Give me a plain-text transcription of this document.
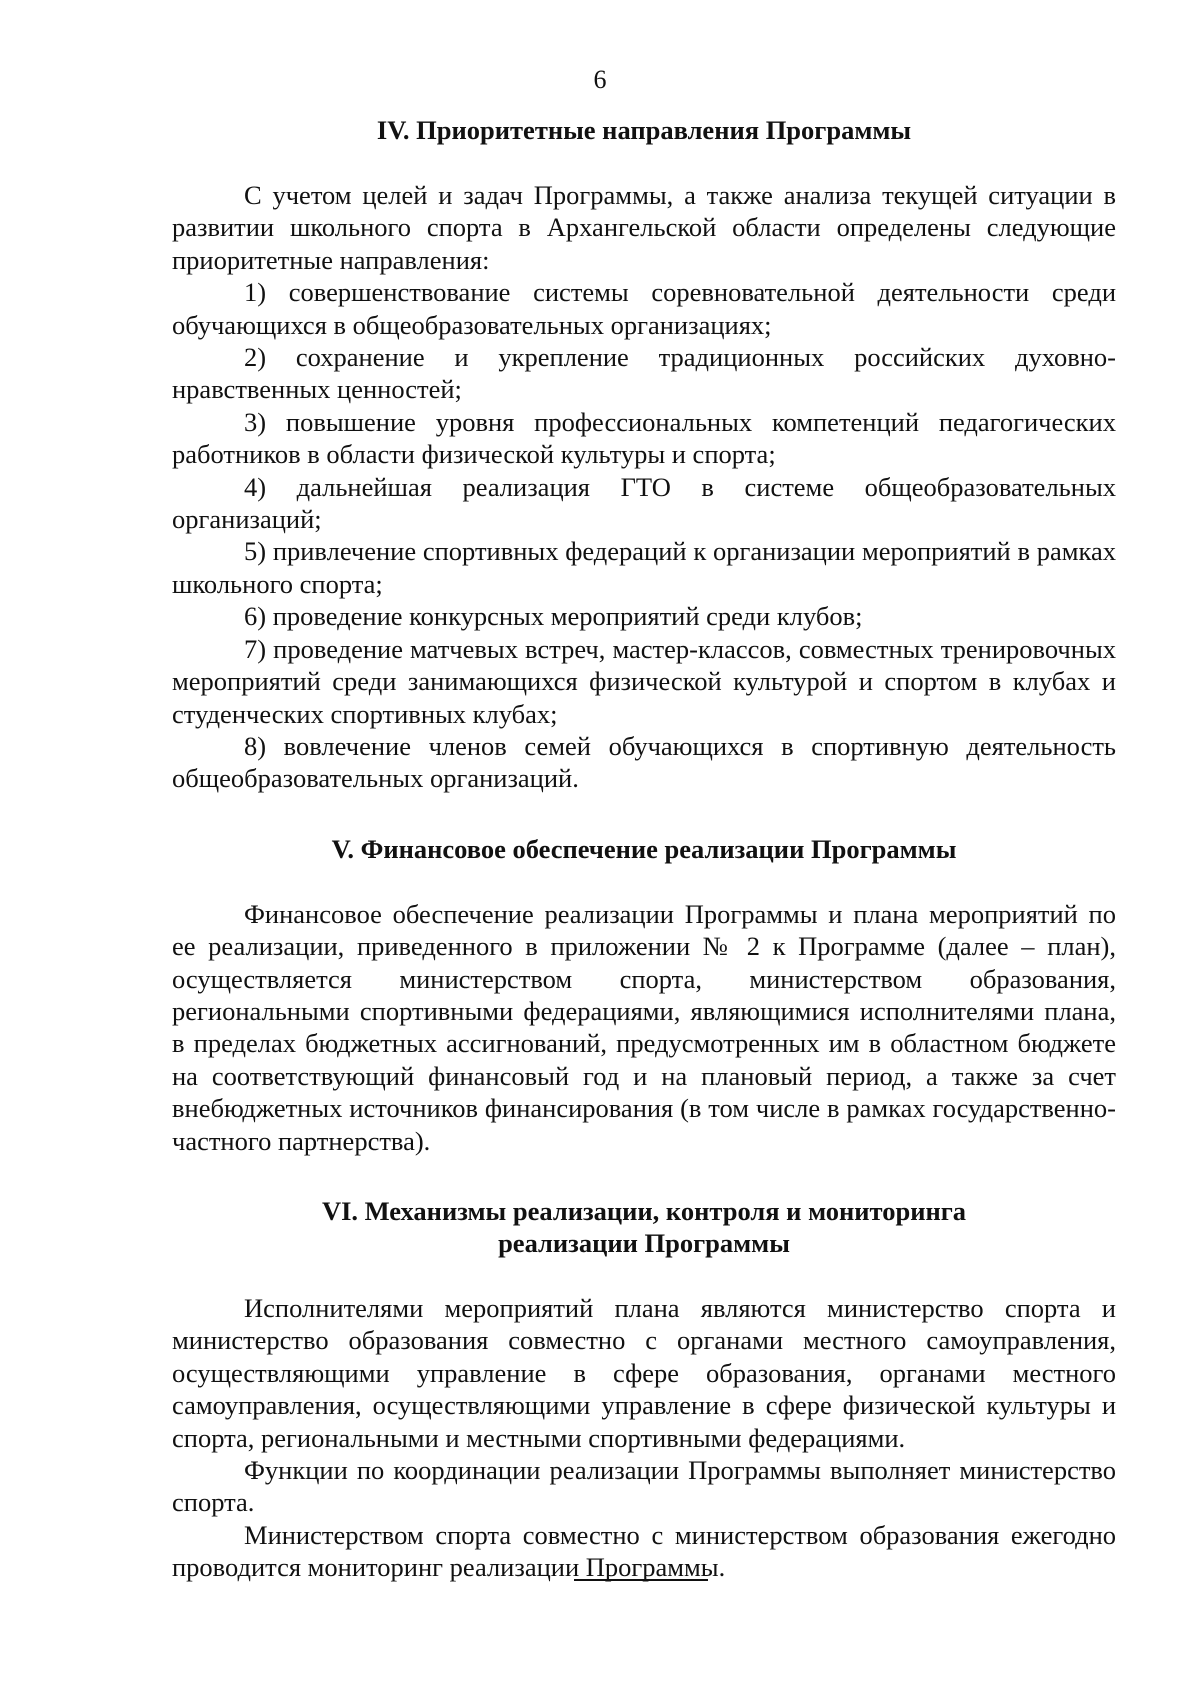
6
IV. Приоритетные направления Программы

С учетом целей и задач Программы, а также анализа текущей ситуации в развитии школьного спорта в Архангельской области определены следующие приоритетные направления:

1) совершенствование системы соревновательной деятельности среди обучающихся в общеобразовательных организациях;

2) сохранение и укрепление традиционных российских духовно-нравственных ценностей;

3) повышение уровня профессиональных компетенций педагогических работников в области физической культуры и спорта;

4) дальнейшая реализация ГТО в системе общеобразовательных организаций;

5) привлечение спортивных федераций к организации мероприятий в рамках школьного спорта;

6) проведение конкурсных мероприятий среди клубов;

7) проведение матчевых встреч, мастер-классов, совместных тренировочных мероприятий среди занимающихся физической культурой и спортом в клубах и студенческих спортивных клубах;

8) вовлечение членов семей обучающихся в спортивную деятельность общеобразовательных организаций.

V. Финансовое обеспечение реализации Программы

Финансовое обеспечение реализации Программы и плана мероприятий по ее реализации, приведенного в приложении № 2 к Программе (далее – план), осуществляется министерством спорта, министерством образования, региональными спортивными федерациями, являющимися исполнителями плана, в пределах бюджетных ассигнований, предусмотренных им в областном бюджете на соответствующий финансовый год и на плановый период, а также за счет внебюджетных источников финансирования (в том числе в рамках государственно-частного партнерства).

VI. Механизмы реализации, контроля и мониторинга
реализации Программы

Исполнителями мероприятий плана являются министерство спорта и министерство образования совместно с органами местного самоуправления, осуществляющими управление в сфере образования, органами местного самоуправления, осуществляющими управление в сфере физической культуры и спорта, региональными и местными спортивными федерациями.

Функции по координации реализации Программы выполняет министерство спорта.

Министерством спорта совместно с министерством образования ежегодно проводится мониторинг реализации Программы.
